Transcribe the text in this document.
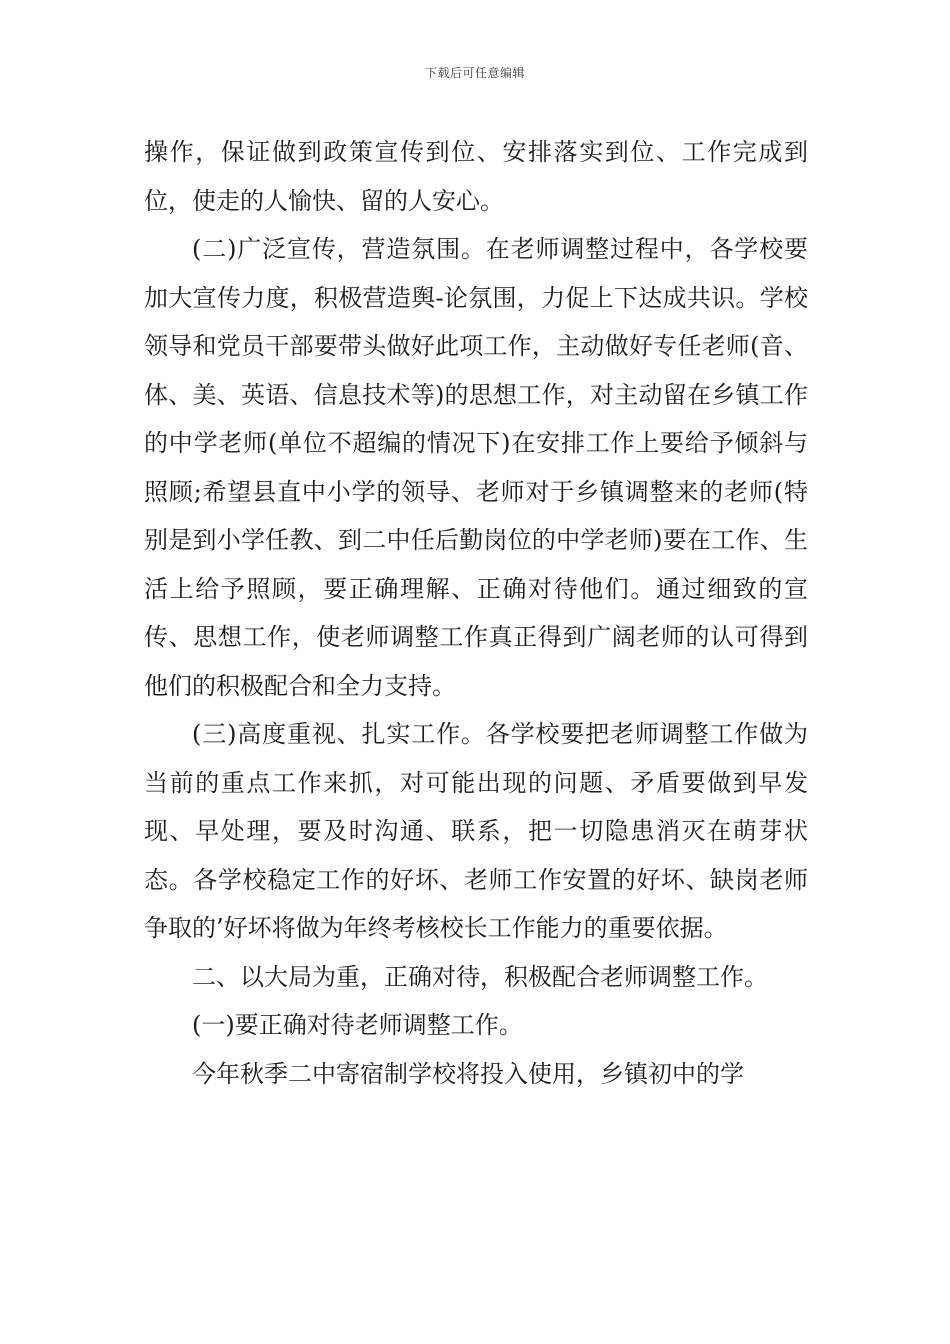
下载后可任意编辑

操作，保证做到政策宣传到位、安排落实到位、工作完成到位，使走的人愉快、留的人安心。

(二)广泛宣传，营造氛围。在老师调整过程中，各学校要加大宣传力度，积极营造舆-论氛围，力促上下达成共识。学校领导和党员干部要带头做好此项工作，主动做好专任老师(音、体、美、英语、信息技术等)的思想工作，对主动留在乡镇工作的中学老师(单位不超编的情况下)在安排工作上要给予倾斜与照顾;希望县直中小学的领导、老师对于乡镇调整来的老师(特别是到小学任教、到二中任后勤岗位的中学老师)要在工作、生活上给予照顾，要正确理解、正确对待他们。通过细致的宣传、思想工作，使老师调整工作真正得到广阔老师的认可得到他们的积极配合和全力支持。

(三)高度重视、扎实工作。各学校要把老师调整工作做为当前的重点工作来抓，对可能出现的问题、矛盾要做到早发现、早处理，要及时沟通、联系，把一切隐患消灭在萌芽状态。各学校稳定工作的好坏、老师工作安置的好坏、缺岗老师争取的’好坏将做为年终考核校长工作能力的重要依据。

二、以大局为重，正确对待，积极配合老师调整工作。

(一)要正确对待老师调整工作。

今年秋季二中寄宿制学校将投入使用，乡镇初中的学
